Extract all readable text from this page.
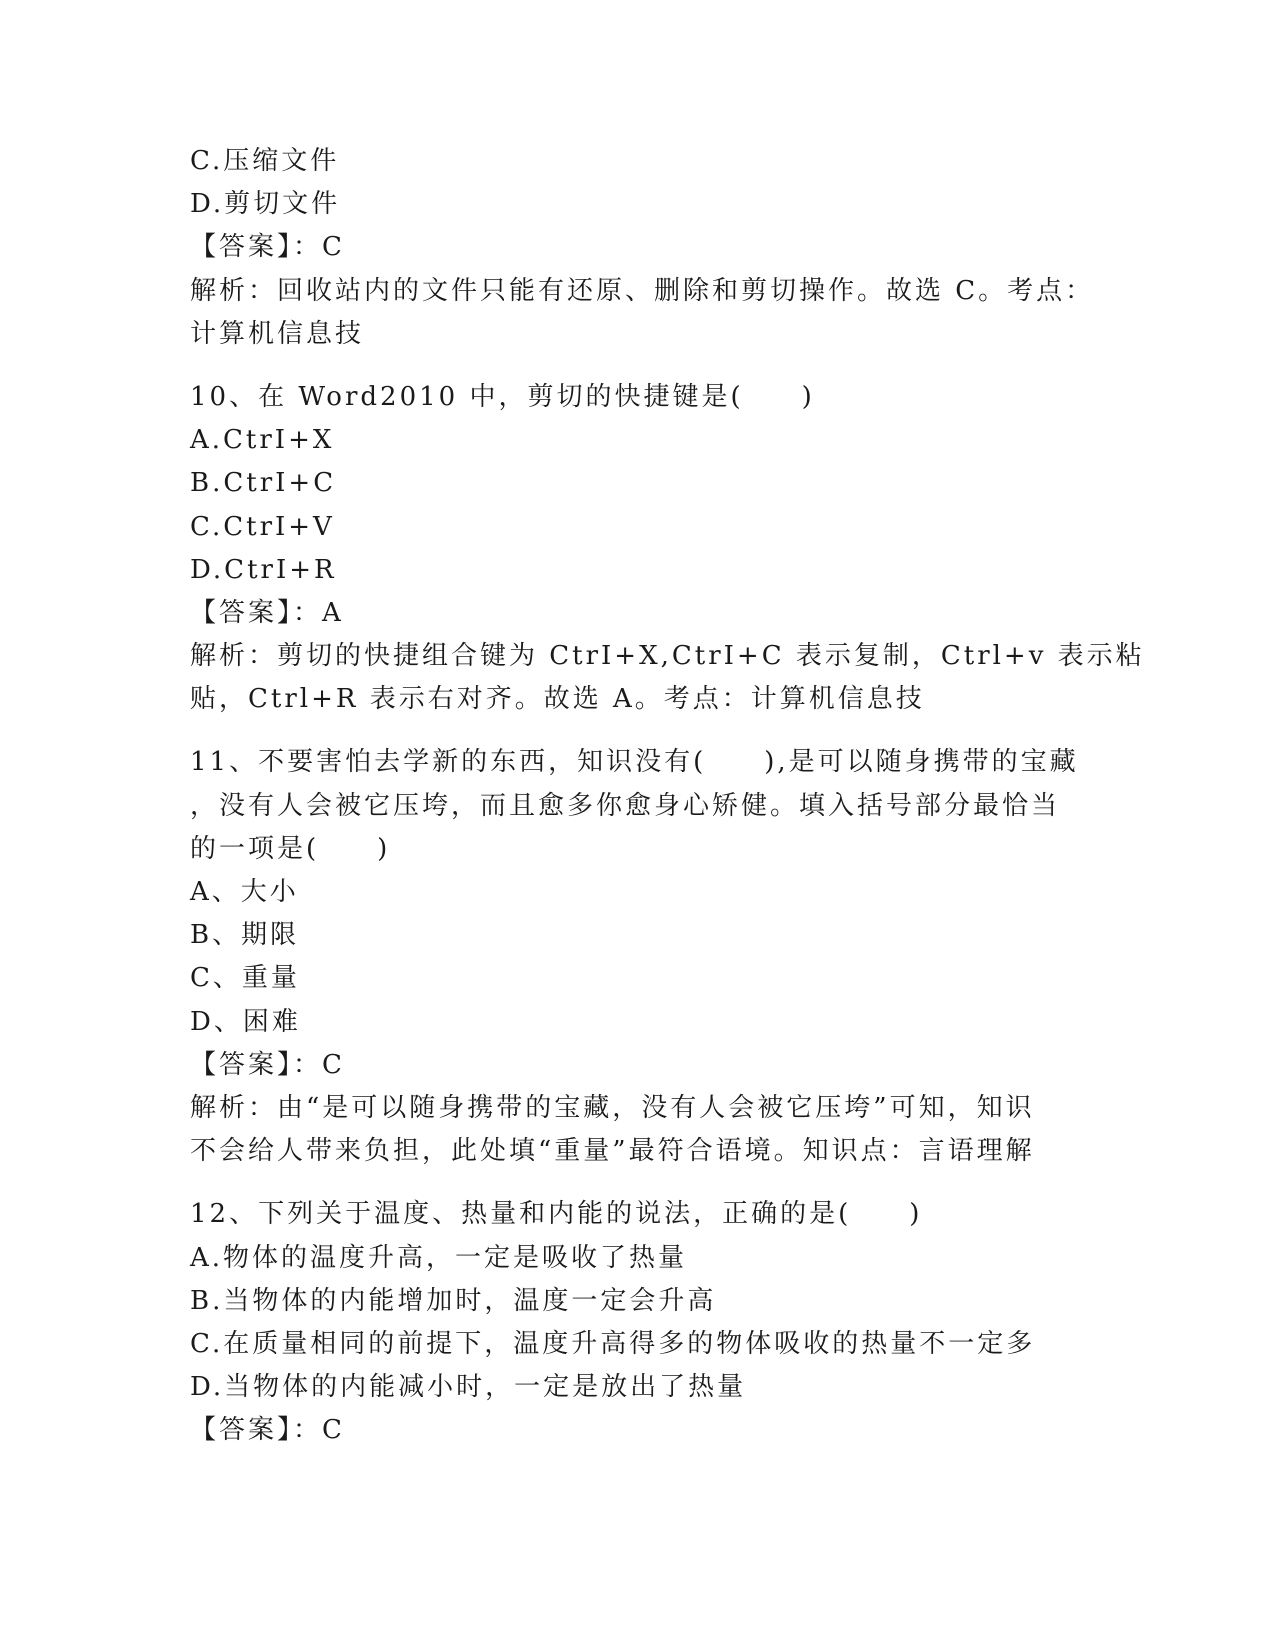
C.压缩文件
D.剪切文件
【答案】：C
解析：回收站内的文件只能有还原、删除和剪切操作。故选 C。考点：
计算机信息技
10、在 Word2010 中，剪切的快捷键是(　　)
A.CtrI+X
B.CtrI+C
C.CtrI+V
D.CtrI+R
【答案】：A
解析：剪切的快捷组合键为 CtrI+X,CtrI+C 表示复制，Ctrl+v 表示粘
贴，Ctrl+R 表示右对齐。故选 A。考点：计算机信息技
11、不要害怕去学新的东西，知识没有(　　),是可以随身携带的宝藏
，没有人会被它压垮，而且愈多你愈身心矫健。填入括号部分最恰当
的一项是(　　)
A、大小
B、期限
C、重量
D、困难
【答案】：C
解析：由“是可以随身携带的宝藏，没有人会被它压垮”可知，知识
不会给人带来负担，此处填“重量”最符合语境。知识点：言语理解
12、下列关于温度、热量和内能的说法，正确的是(　　)
A.物体的温度升高，一定是吸收了热量
B.当物体的内能增加时，温度一定会升高
C.在质量相同的前提下，温度升高得多的物体吸收的热量不一定多
D.当物体的内能减小时，一定是放出了热量
【答案】：C
